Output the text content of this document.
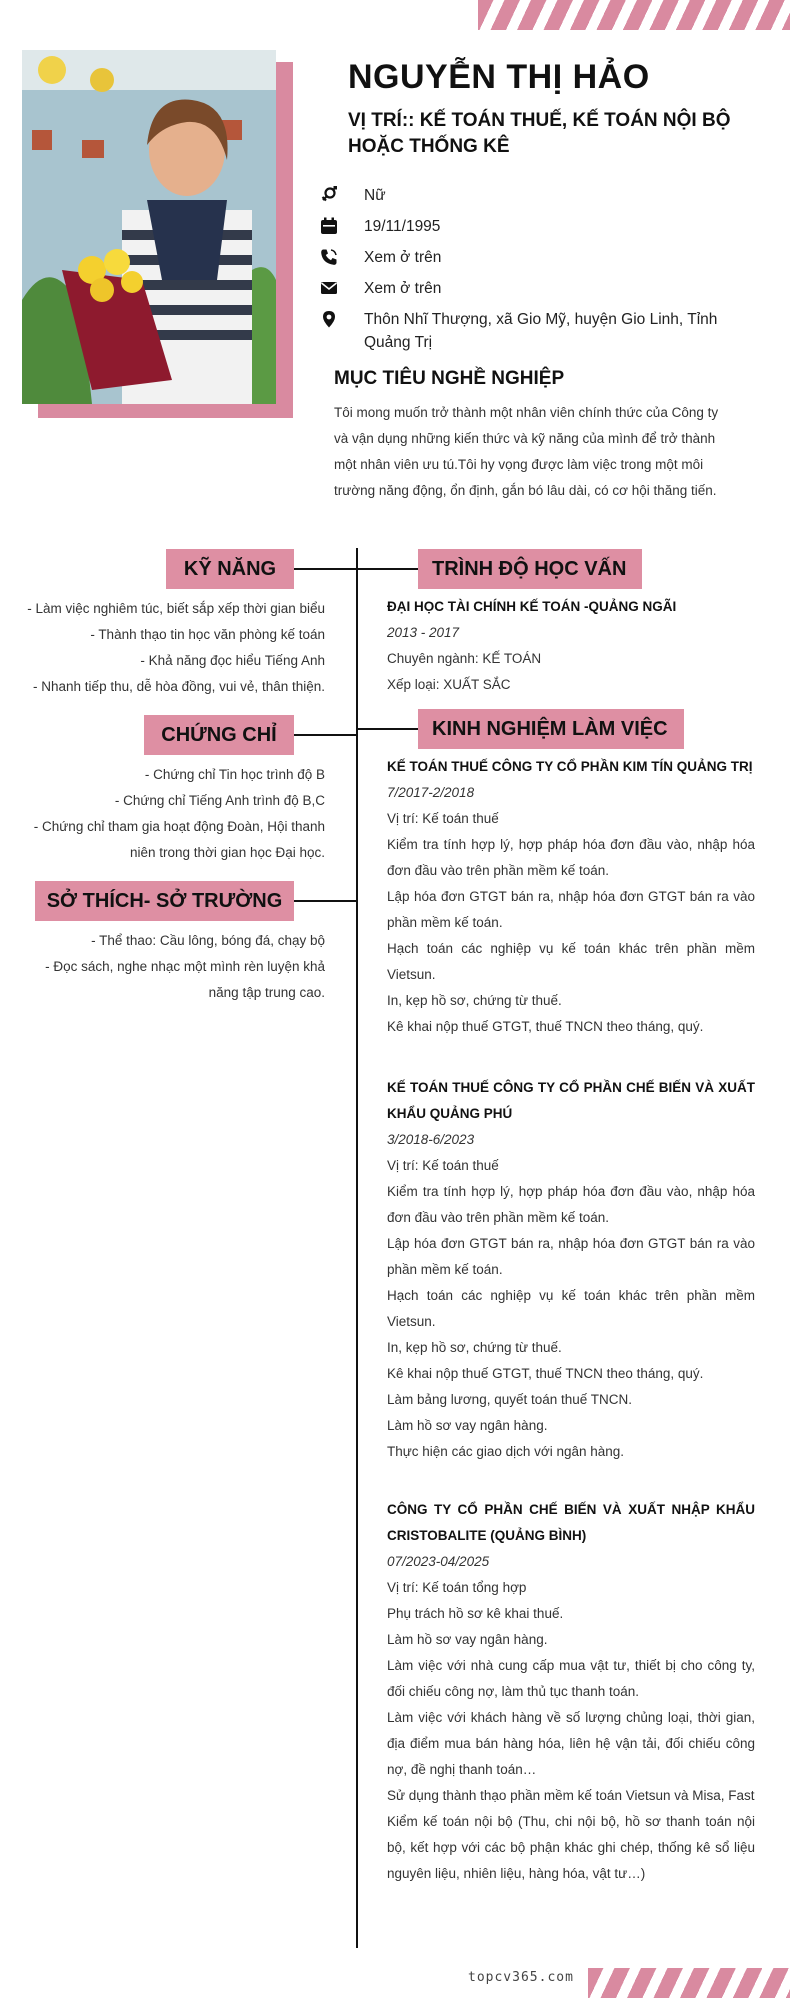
NGUYỄN THỊ HẢO
VỊ TRÍ:: KẾ TOÁN THUẾ, KẾ TOÁN NỘI BỘ HOẶC THỐNG KÊ
Nữ
19/11/1995
Xem ở trên
Xem ở trên
Thôn Nhĩ Thượng, xã Gio Mỹ, huyện Gio Linh, Tỉnh Quảng Trị
MỤC TIÊU NGHỀ NGHIỆP

Tôi mong muốn trở thành một nhân viên chính thức của Công ty và vận dụng những kiến thức và kỹ năng của mình để trở thành một nhân viên ưu tú.Tôi hy vọng được làm việc trong một môi trường năng động, ổn định, gắn bó lâu dài, có cơ hội thăng tiến.

KỸ NĂNG
- Làm việc nghiêm túc, biết sắp xếp thời gian biểu
- Thành thạo tin học văn phòng kế toán
- Khả năng đọc hiểu Tiếng Anh
- Nhanh tiếp thu, dễ hòa đồng, vui vẻ, thân thiện.
CHỨNG CHỈ
- Chứng chỉ Tin học trình độ B
- Chứng chỉ Tiếng Anh trình độ B,C
- Chứng chỉ tham gia hoạt động Đoàn, Hội thanh niên trong thời gian học Đại học.
SỞ THÍCH- SỞ TRƯỜNG
- Thể thao: Cầu lông, bóng đá, chạy bộ
- Đọc sách, nghe nhạc một mình rèn luyện khả năng tập trung cao.
TRÌNH ĐỘ HỌC VẤN
ĐẠI HỌC TÀI CHÍNH KẾ TOÁN -QUẢNG NGÃI
2013 - 2017
Chuyên ngành: KẾ TOÁN
Xếp loại: XUẤT SẮC
KINH NGHIỆM LÀM VIỆC
KẾ TOÁN THUẾ CÔNG TY CỔ PHẦN KIM TÍN QUẢNG TRỊ
7/2017-2/2018
Vị trí: Kế toán thuế
Kiểm tra tính hợp lý, hợp pháp hóa đơn đầu vào, nhập hóa đơn đầu vào trên phần mềm kế toán.
Lập hóa đơn GTGT bán ra, nhập hóa đơn GTGT bán ra vào phần mềm kế toán.
Hạch toán các nghiệp vụ kế toán khác trên phần mềm Vietsun.
In, kẹp hồ sơ, chứng từ thuế.
Kê khai nộp thuế GTGT, thuế TNCN theo tháng, quý.
KẾ TOÁN THUẾ CÔNG TY CỔ PHẦN CHẾ BIẾN VÀ XUẤT KHẨU QUẢNG PHÚ
3/2018-6/2023
Vị trí: Kế toán thuế
Kiểm tra tính hợp lý, hợp pháp hóa đơn đầu vào, nhập hóa đơn đầu vào trên phần mềm kế toán.
Lập hóa đơn GTGT bán ra, nhập hóa đơn GTGT bán ra vào phần mềm kế toán.
Hạch toán các nghiệp vụ kế toán khác trên phần mềm Vietsun.
In, kẹp hồ sơ, chứng từ thuế.
Kê khai nộp thuế GTGT, thuế TNCN theo tháng, quý.
Làm bảng lương, quyết toán thuế TNCN.
Làm hồ sơ vay ngân hàng.
Thực hiện các giao dịch với ngân hàng.
CÔNG TY CỔ PHẦN CHẾ BIẾN VÀ XUẤT NHẬP KHẨU CRISTOBALITE (QUẢNG BÌNH)
07/2023-04/2025
Vị trí: Kế toán tổng hợp
Phụ trách hồ sơ kê khai thuế.
Làm hồ sơ vay ngân hàng.
Làm việc với nhà cung cấp mua vật tư, thiết bị cho công ty, đối chiếu công nợ, làm thủ tục thanh toán.
Làm việc với khách hàng về số lượng chủng loại, thời gian, địa điểm mua bán hàng hóa, liên hệ vận tải, đối chiếu công nợ, đề nghị thanh toán…
Sử dụng thành thạo phần mềm kế toán Vietsun và Misa, Fast
Kiểm kế toán nội bộ (Thu, chi nội bộ, hồ sơ thanh toán nội bộ, kết hợp với các bộ phận khác ghi chép, thống kê sổ liệu nguyên liệu, nhiên liệu, hàng hóa, vật tư…)
topcv365.com
